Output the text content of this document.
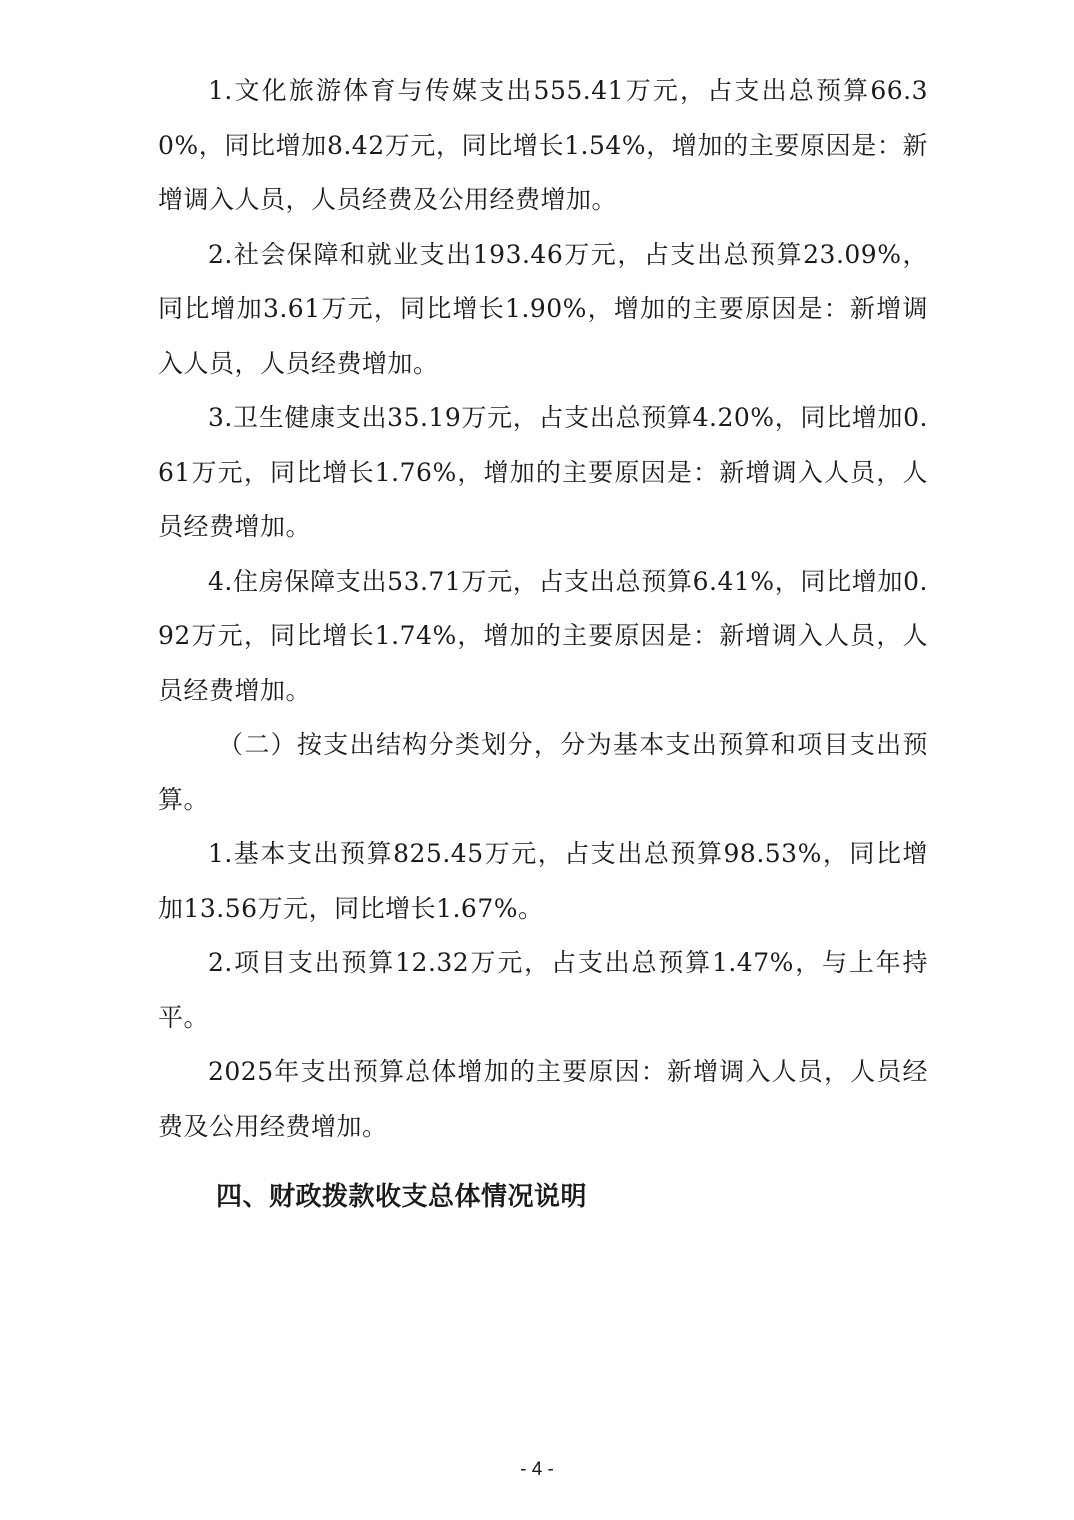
1.文化旅游体育与传媒支出555.41万元，占支出总预算66.30%，同比增加8.42万元，同比增长1.54%，增加的主要原因是：新增调入人员，人员经费及公用经费增加。

2.社会保障和就业支出193.46万元，占支出总预算23.09%，同比增加3.61万元，同比增长1.90%，增加的主要原因是：新增调入人员，人员经费增加。

3.卫生健康支出35.19万元，占支出总预算4.20%，同比增加0.61万元，同比增长1.76%，增加的主要原因是：新增调入人员，人员经费增加。

4.住房保障支出53.71万元，占支出总预算6.41%，同比增加0.92万元，同比增长1.74%，增加的主要原因是：新增调入人员，人员经费增加。

（二）按支出结构分类划分，分为基本支出预算和项目支出预算。

1.基本支出预算825.45万元，占支出总预算98.53%，同比增加13.56万元，同比增长1.67%。

2.项目支出预算12.32万元，占支出总预算1.47%，与上年持平。

2025年支出预算总体增加的主要原因：新增调入人员，人员经费及公用经费增加。

四、财政拨款收支总体情况说明
- 4 -
